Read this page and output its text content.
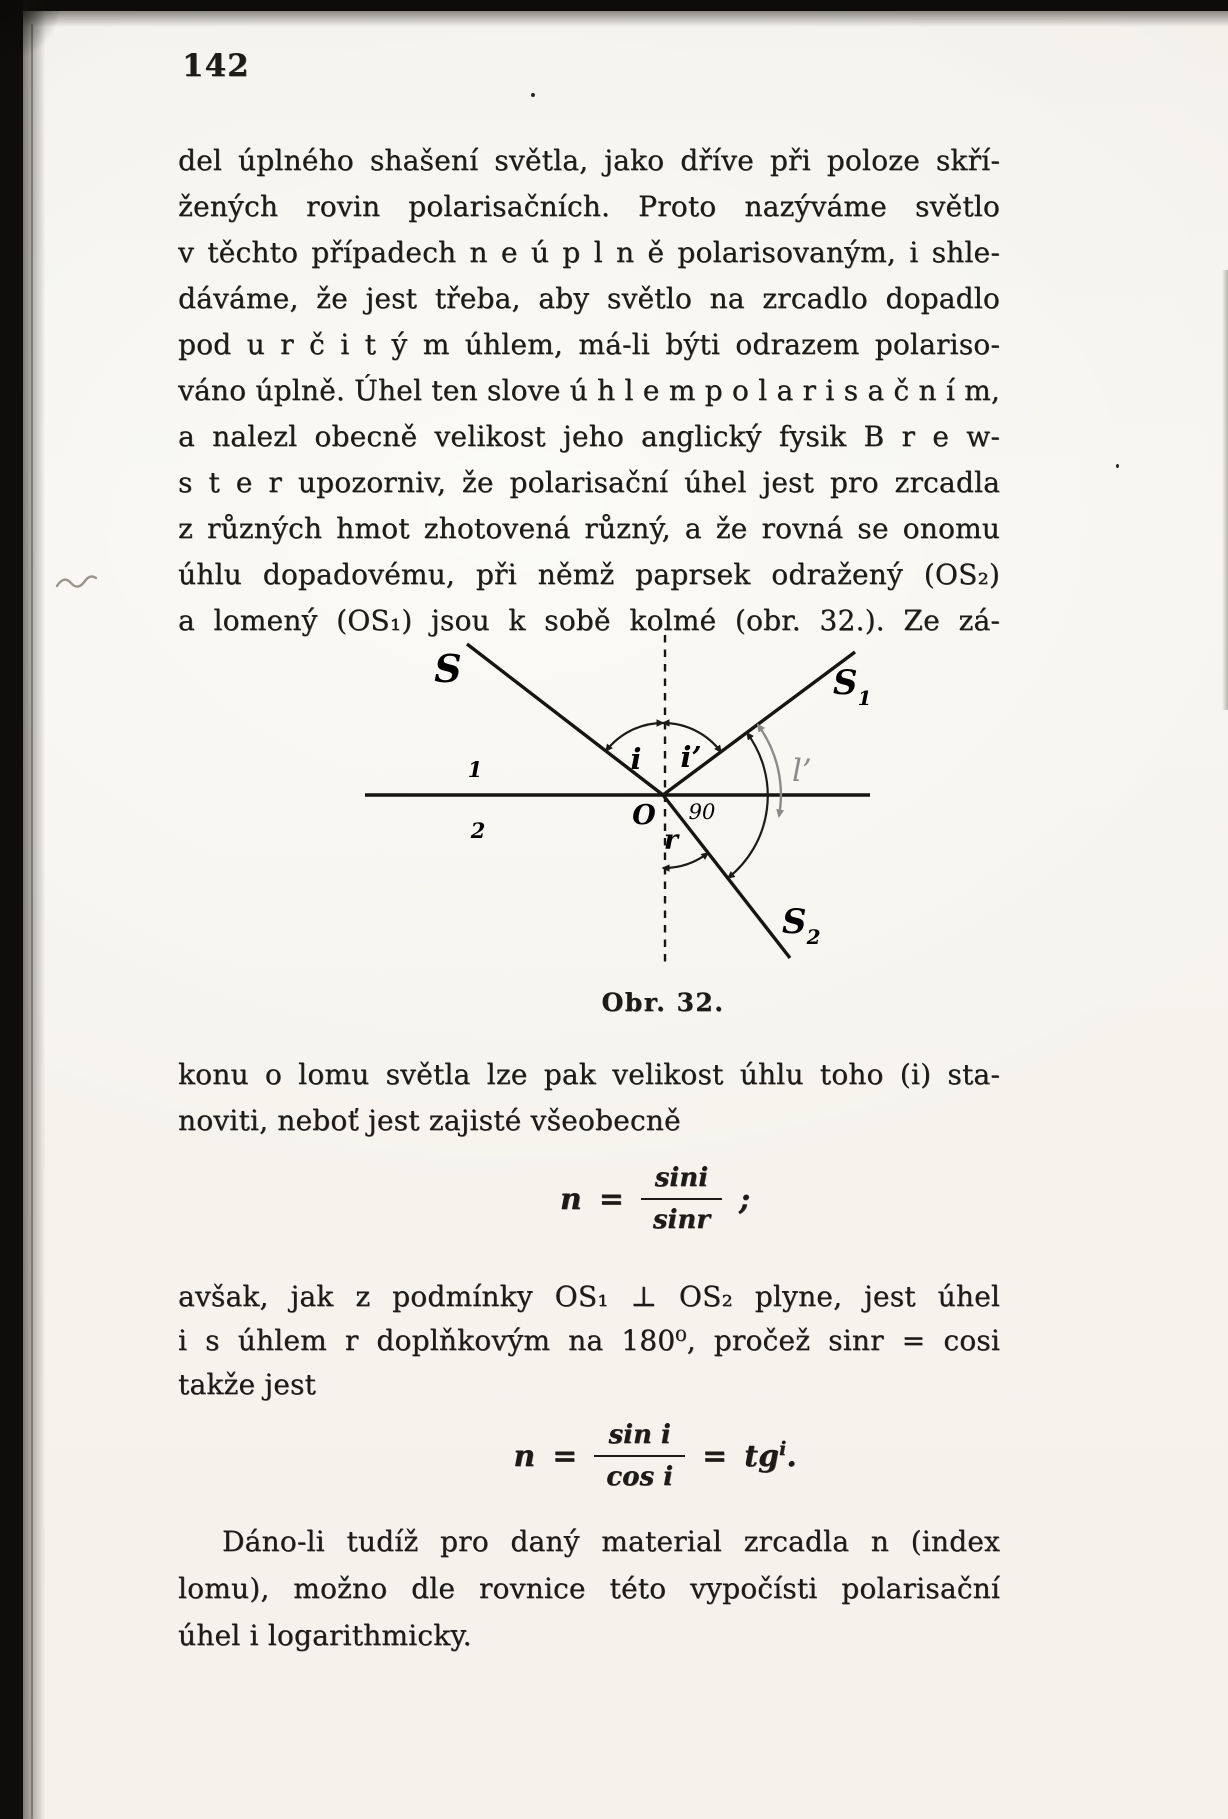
142
del úplného shašení světla, jako dříve při poloze skří-
žených rovin polarisačních. Proto nazýváme světlo
v těchto případech n e ú p l n ě polarisovaným, i shle-
dáváme, že jest třeba, aby světlo na zrcadlo dopadlo
pod u r č i t ý m úhlem, má-li býti odrazem polariso-
váno úplně. Úhel ten slove ú h l e m p o l a r i s a č n í m,
a nalezl obecně velikost jeho anglický fysik B r e w-
s t e r upozorniv, že polarisační úhel jest pro zrcadla
z různých hmot zhotovená různý, a že rovná se onomu
úhlu dopadovému, při němž paprsek odražený (OS₂)
a lomený (OS₁) jsou k sobě kolmé (obr. 32.). Ze zá-
S	$S_1$
$S_2$
O
i i’
90
r
1
2
l’
Obr. 32.
konu o lomu světla lze pak velikost úhlu toho (i) sta-
noviti, neboť jest zajisté všeobecně
$n = \frac{\sin i}{\sin r}$ ;
avšak, jak z podmínky OS₁ ⊥ OS₂ plyne, jest úhel
i s úhlem r doplňkovým na 180⁰, pročež sinr = cosi
takže jest
$n = \frac{\text{sin i}}{\text{cos i}} = tg^i$.
Dáno-li tudíž pro daný material zrcadla n (index
lomu), možno dle rovnice této vypočísti polarisační
úhel i logarithmicky.
